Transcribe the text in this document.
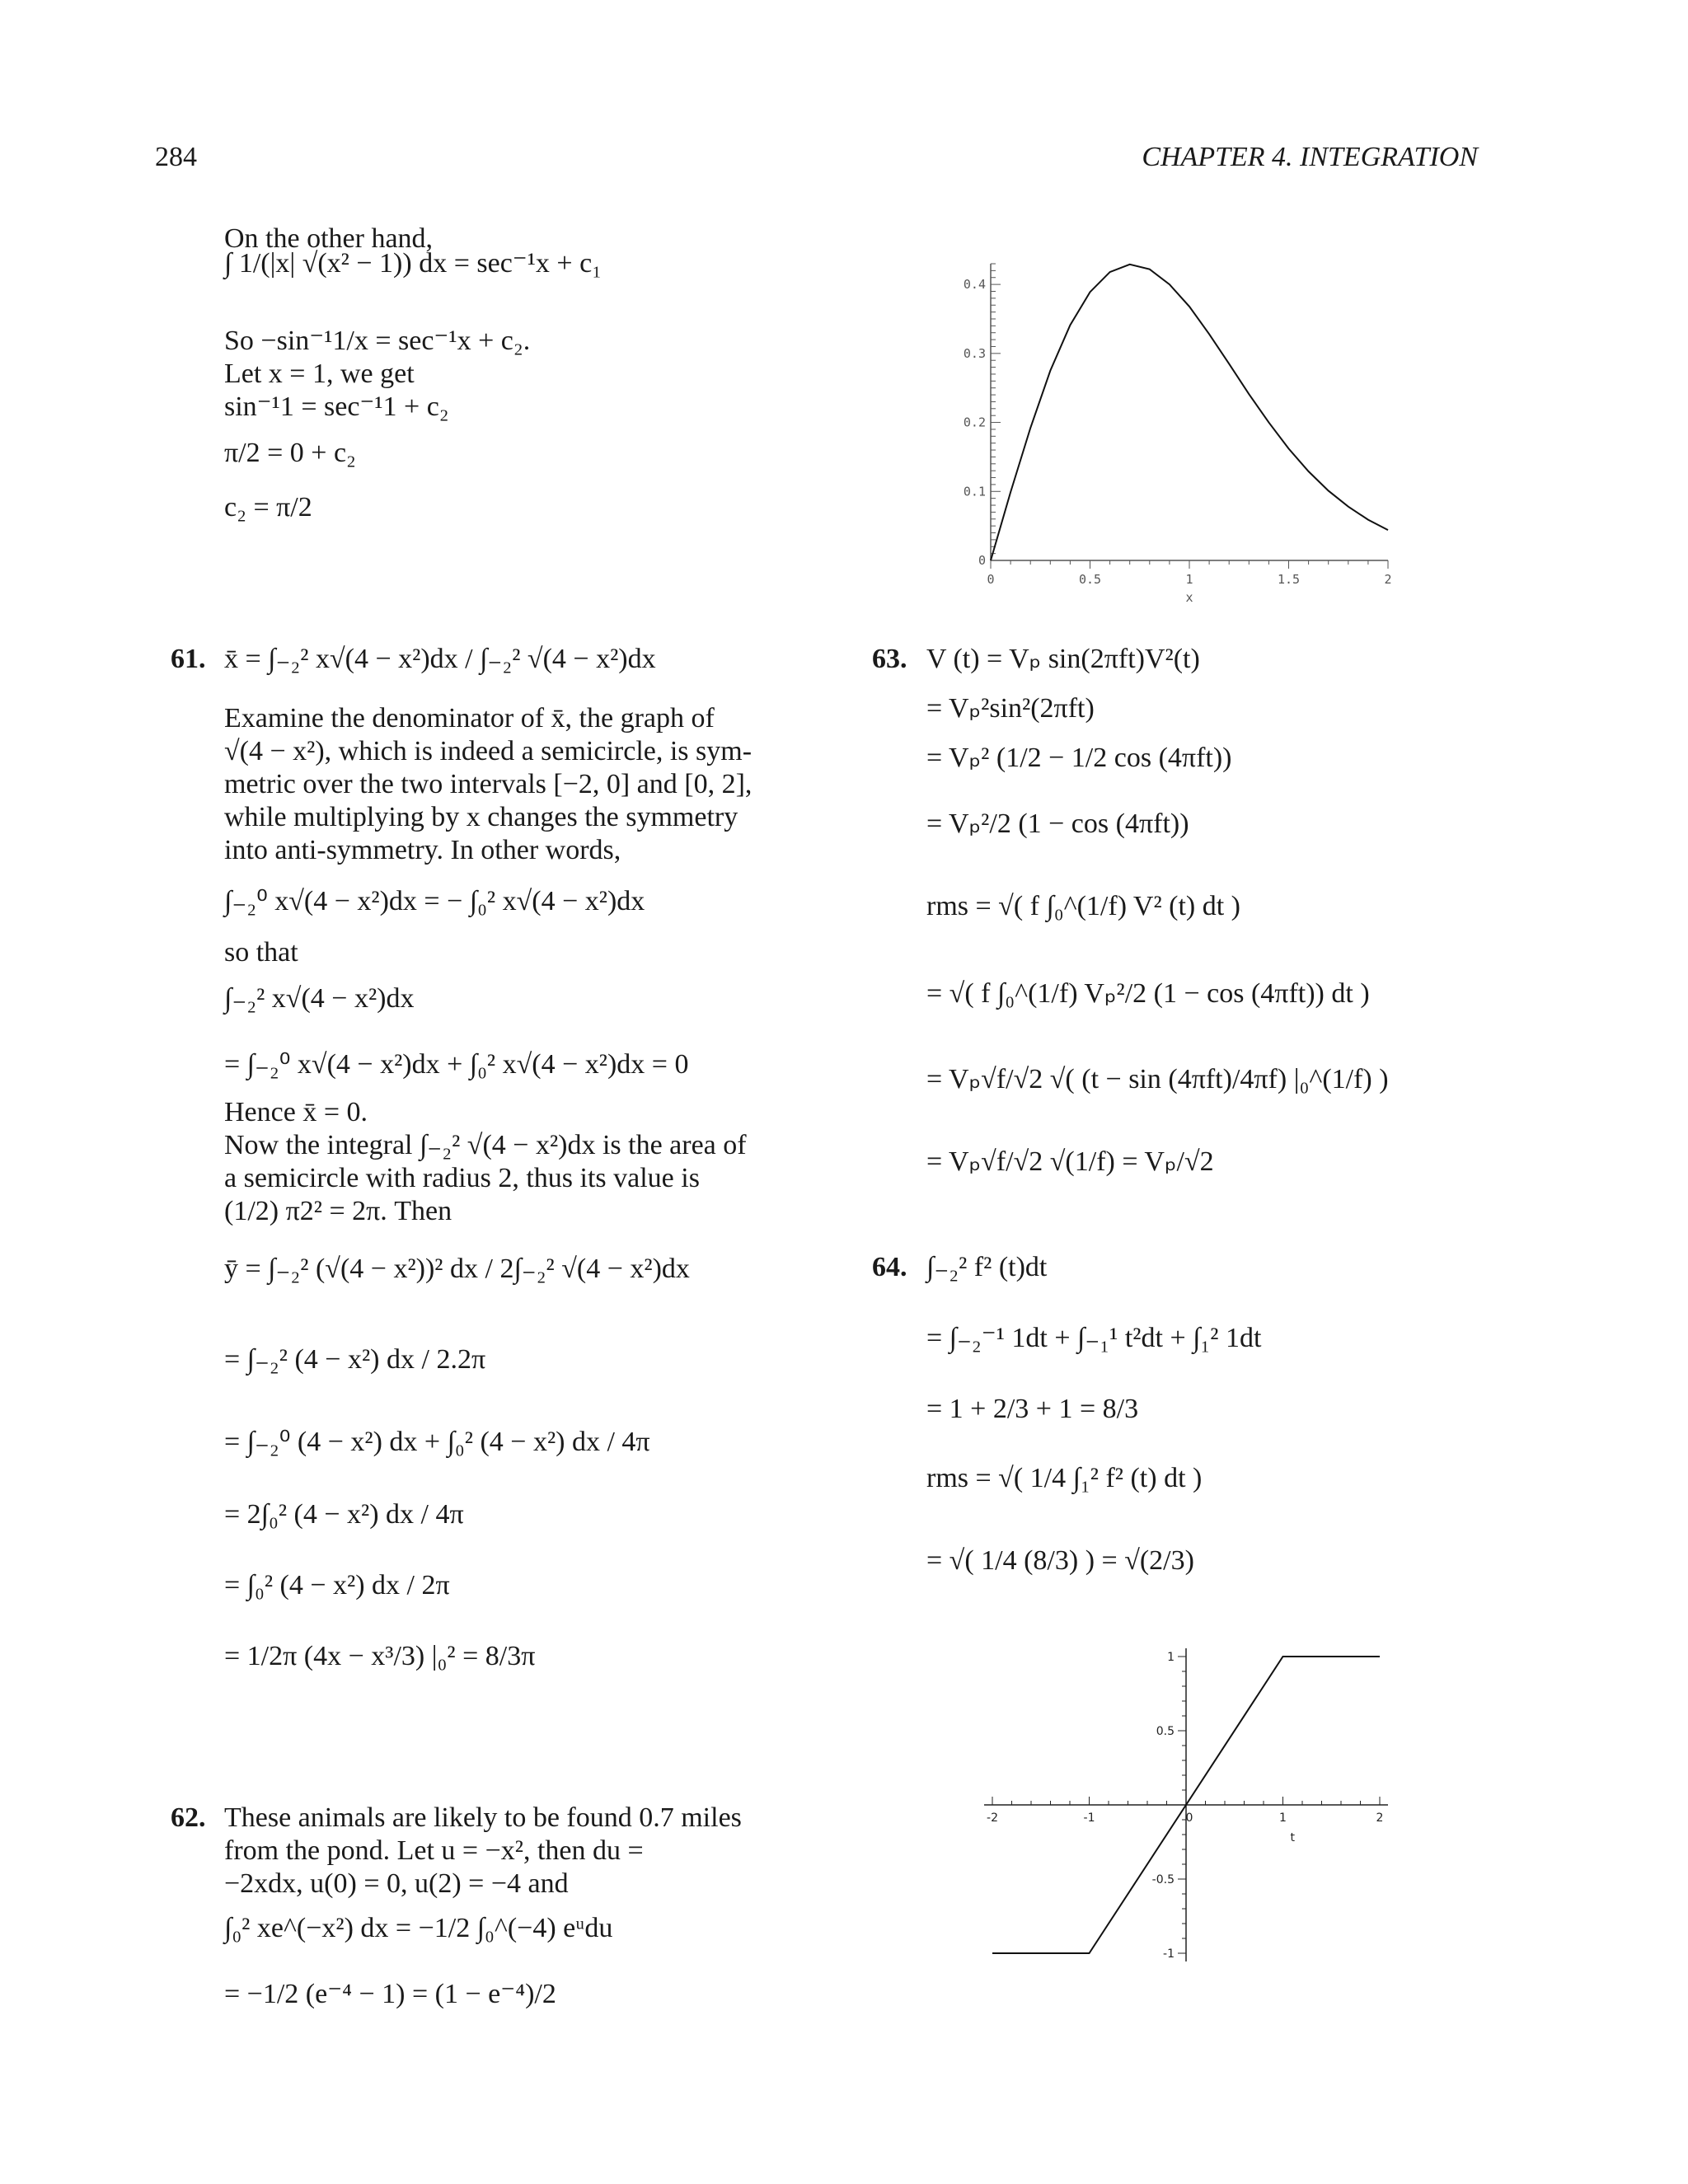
284	CHAPTER 4. INTEGRATION
On the other hand,
∫ 1/(|x| √(x² − 1)) dx = sec⁻¹x + c₁
So −sin⁻¹1/x = sec⁻¹x + c₂.
Let x = 1, we get
sin⁻¹1 = sec⁻¹1 + c₂
π/2 = 0 + c₂
c₂ = π/2
61. x̄ = ∫₋₂² x√(4 − x²)dx / ∫₋₂² √(4 − x²)dx
Examine the denominator of x̄, the graph of
√(4 − x²), which is indeed a semicircle, is sym-
metric over the two intervals [−2, 0] and [0, 2],
while multiplying by x changes the symmetry
into anti-symmetry. In other words,
∫₋₂⁰ x√(4 − x²)dx = − ∫₀² x√(4 − x²)dx
so that
∫₋₂² x√(4 − x²)dx
= ∫₋₂⁰ x√(4 − x²)dx + ∫₀² x√(4 − x²)dx = 0
Hence x̄ = 0.
Now the integral ∫₋₂² √(4 − x²)dx is the area of
a semicircle with radius 2, thus its value is
(1/2) π2² = 2π. Then
ȳ = ∫₋₂² (√(4 − x²))² dx / 2∫₋₂² √(4 − x²)dx
= ∫₋₂² (4 − x²) dx / 2.2π
= ∫₋₂⁰ (4 − x²) dx + ∫₀² (4 − x²) dx / 4π
= 2∫₀² (4 − x²) dx / 4π
= ∫₀² (4 − x²) dx / 2π
= 1/2π (4x − x³/3) |₀² = 8/3π
62. These animals are likely to be found 0.7 miles
from the pond. Let u = −x², then du =
−2xdx, u(0) = 0, u(2) = −4 and
∫₀² xe^(−x²) dx = −1/2 ∫₀^(−4) eᵘdu
= −1/2 (e⁻⁴ − 1) = (1 − e⁻⁴)/2
0
0.1
0.2
0.3
0.4
0	0.5	1	1.5	2
x
63. V (t) = Vₚ sin(2πft)V²(t)
= Vₚ²sin²(2πft)
= Vₚ² (1/2 − 1/2 cos (4πft))
= Vₚ²/2 (1 − cos (4πft))
rms = √( f ∫₀^(1/f) V² (t) dt )
= √( f ∫₀^(1/f) Vₚ²/2 (1 − cos (4πft)) dt )
= Vₚ√f/√2 √( (t − sin (4πft)/4πf) |₀^(1/f) )
= Vₚ√f/√2 √(1/f) = Vₚ/√2
64. ∫₋₂² f² (t)dt
= ∫₋₂⁻¹ 1dt + ∫₋₁¹ t²dt + ∫₁² 1dt
= 1 + 2/3 + 1 = 8/3
rms = √( 1/4 ∫₁² f² (t) dt )
= √( 1/4 (8/3) ) = √(2/3)
-1
-0.5
0.5
1
-2	-1	0	1	2
t
